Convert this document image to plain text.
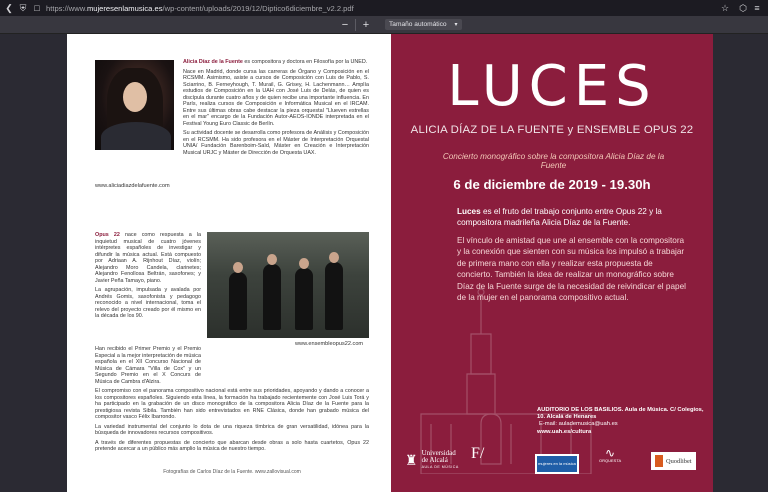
❮ ⛨ □ https://www. mujeresenlamusica.es /wp-content/uploads/2019/12/Diptico6diciembre_v2.2.pdf	☆	⬡ ≡
−	+	Tamaño automático ▾

Alicia Díaz de la Fuente es compositora y doctora en Filosofía por la UNED.

Nace en Madrid, donde cursa las carreras de Órgano y Composición en el RCSMM. Asimismo, asiste a cursos de Composición con Luis de Pablo, S. Sciarrino, B. Ferneyhough, T. Murail, G. Grisey, H. Lachenmann… Amplía estudios de Composición en la UAH con José Luis de Delás, de quien es discípula durante cuatro años y de quien recibe una importante influencia. En París, realiza cursos de Composición e Informática Musical en el IRCAM. Entre sus últimas obras cabe destacar la pieza orquestal "Llueven estrellas en el mar" encargo de la Fundación Autor-AEOS-IONDE interpretada en el Festival Young Euro Classic de Berlín.

Su actividad docente se desarrolla como profesora de Análisis y Composición en el RCSMM. Ha sido profesora en el Máster de Interpretación Orquestal UNIA/ Fundación Barenboim-Saïd, Máster en Creación e Interpretación Musical URJC y Máster de Dirección de Orquesta UAX.

www.aliciadiazdelafuente.com

Opus 22 nace como respuesta a la inquietud musical de cuatro jóvenes intérpretes españoles de investigar y difundir la música actual. Está compuesto por Adriaan A. Rijnhout Díaz, violín; Alejandro Moro Candela, clarinetes; Alejandro Fenollosa Beltrán, saxofones; y Javier Peña Tamayo, piano.

La agrupación, impulsada y avalada por Andrés Gomis, saxofonista y pedagogo reconocido a nivel internacional, toma el relevo del proyecto creado por él mismo en la década de los 90.

www.ensembleopus22.com

Han recibido el Primer Premio y el Premio Especial a la mejor interpretación de música española en el XII Concurso Nacional de Música de Cámara "Villa de Cox" y un Segundo Premio en el X Concurs de Música de Cambra d'Alzira.

El compromiso con el panorama compositivo nacional está entre sus prioridades, apoyando y dando a conocer a los compositores españoles. Siguiendo esta línea, la formación ha trabajado recientemente con José Luis Torá y ha participado en la grabación de un disco monográfico de la compositora Alicia Díaz de la Fuente para la prestigiosa revista Sibila. También han sido entrevistados en RNE Clásica, donde han grabado música del compositor vasco Félix Ibarrondo.

La variedad instrumental del conjunto lo dota de una riqueza tímbrica de gran versatilidad, idónea para la búsqueda de innovadores recursos compositivos.

A través de diferentes propuestas de concierto que abarcan desde obras a solo hasta cuartetos, Opus 22 pretende acercar a un público más amplio la música de nuestro tiempo.

Fotografías de Carlos Díaz de la Fuente. www.zallovisual.com
LUCES
ALICIA DÍAZ DE LA FUENTE y ENSEMBLE OPUS 22
Concierto monográfico sobre la compositora Alicia Díaz de la Fuente
6 de diciembre de 2019 - 19.30h
Luces es el fruto del trabajo conjunto entre Opus 22 y la compositora madrileña Alicia Díaz de la Fuente.
El vínculo de amistad que une al ensemble con la compositora y la conexión que sienten con su música los impulsó a trabajar de primera mano con ella y realizar esta propuesta de concierto. También la idea de realizar un monográfico sobre Díaz de la Fuente surge de la necesidad de reivindicar el papel de la mujer en el panorama compositivo actual.
AUDITORIO DE LOS BASILIOS. Aula de Música. C/ Colegios, 10. Alcalá de Henares
E-mail: aulademusica@uah.es
www.uah.es/cultura
♜ Universidad
de Alcalá
AULA DE MÚSICA
F/
mujeres en la música
∿
ORQUESTA	Quodlibet
